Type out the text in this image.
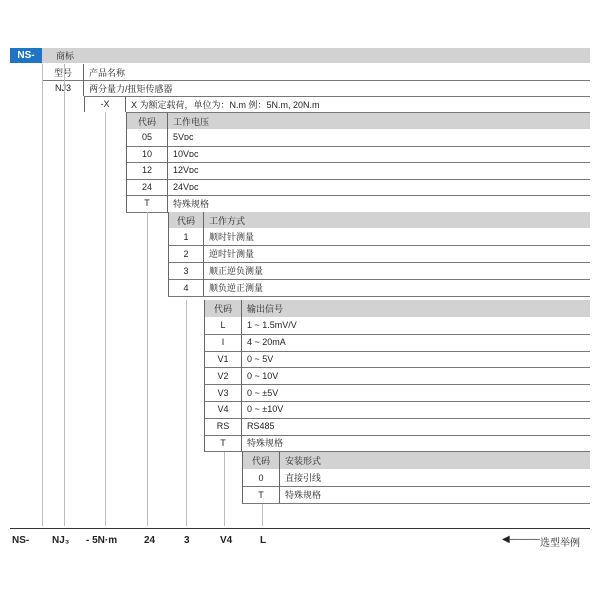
NS-	商标
型号	产品名称
NJ3	两分量力/扭矩传感器
-X	X 为额定载荷，单位为：N.m 例：5N.m, 20N.m
代码	工作电压
05	5Vᴅᴄ
10	10Vᴅᴄ
12	12Vᴅᴄ
24	24Vᴅᴄ
T	特殊规格
代码	工作方式
1	顺时针测量
2	逆时针测量
3	顺正逆负测量
4	顺负逆正测量
代码	输出信号
L	1 ~ 1.5mV/V
I	4 ~ 20mA
V1	0 ~ 5V
V2	0 ~ 10V
V3	0 ~ ±5V
V4	0 ~ ±10V
RS	RS485
T	特殊规格
代码	安装形式
0	直接引线
T	特殊规格
NS- NJ₃ - 5N·m	24	3	V4	L	◀——— 选型举例
